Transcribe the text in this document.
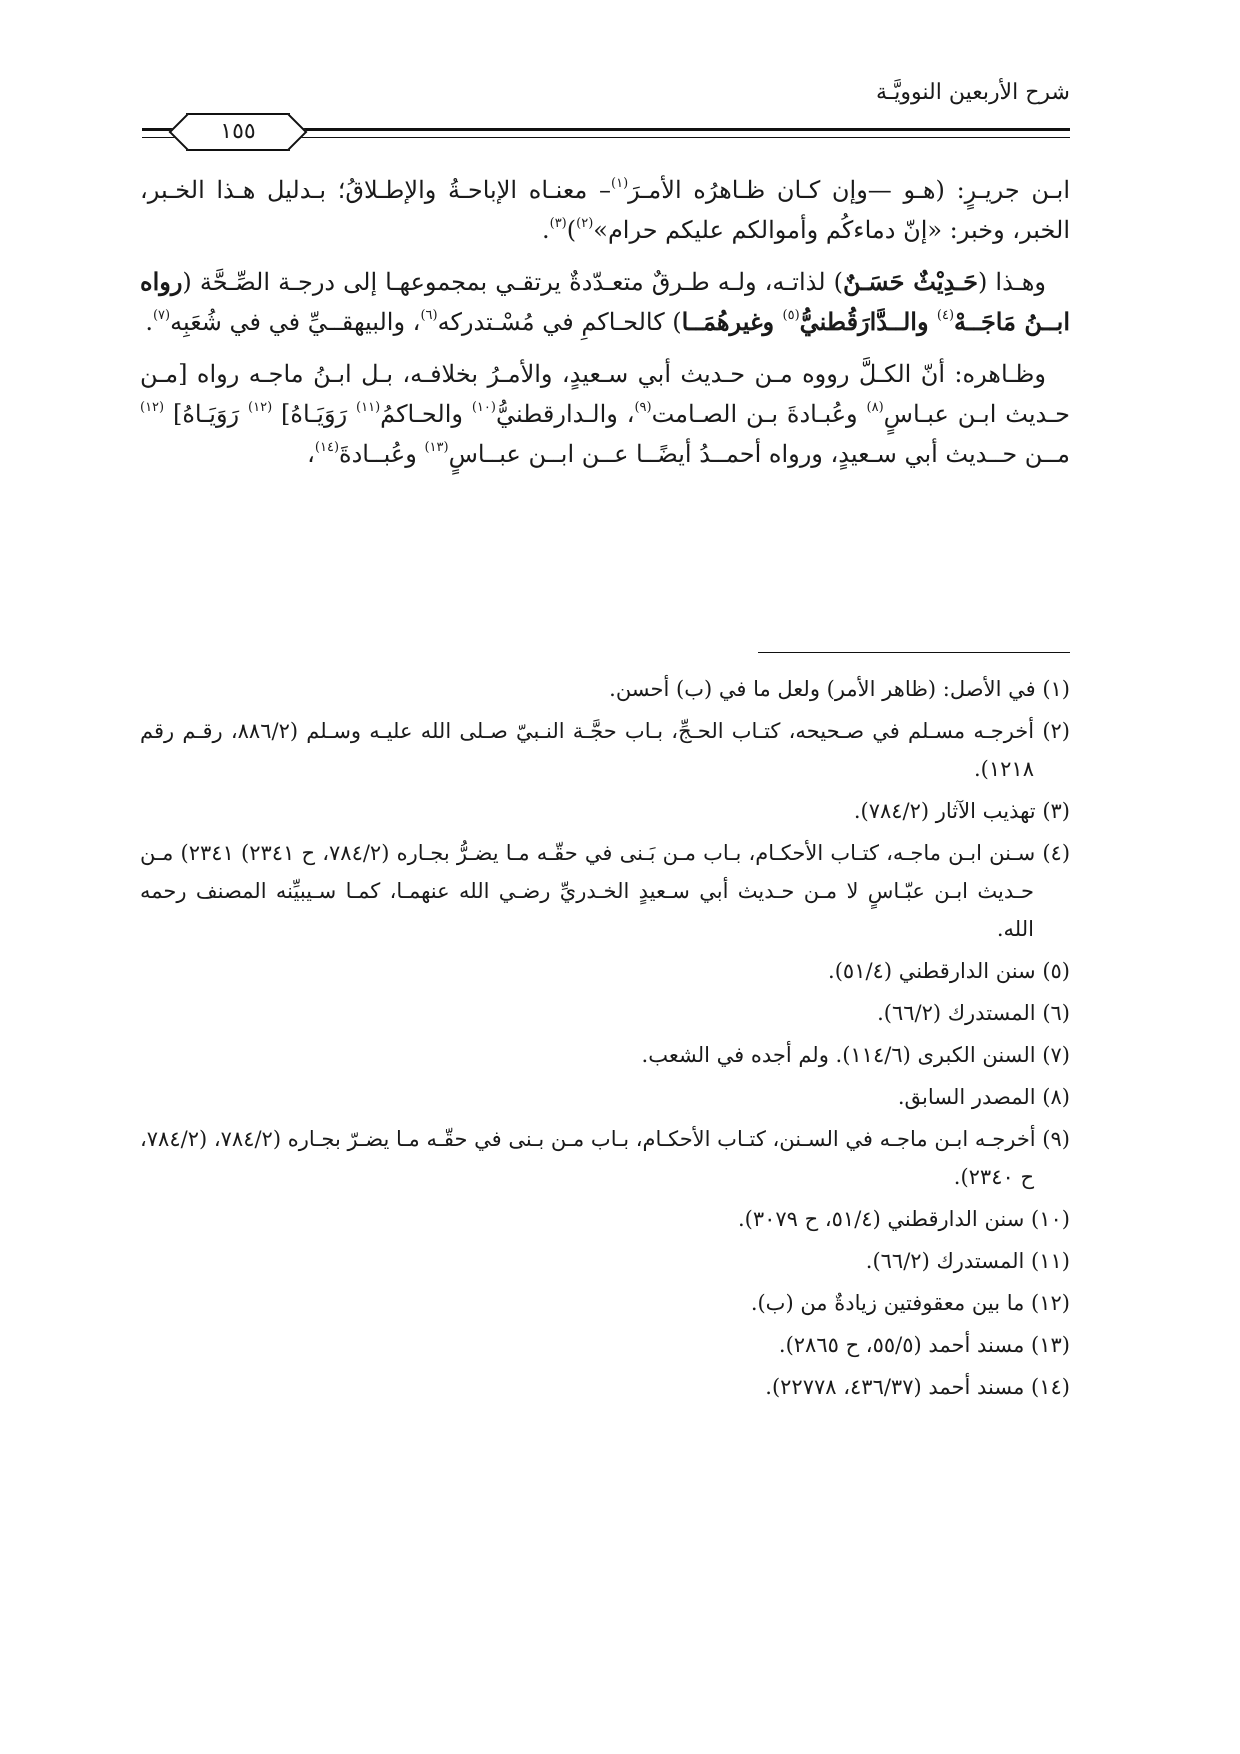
شرح الأربعين النوويَّـة
١٥٥

ابـن جريـرٍ: (هـو —وإن كـان ظـاهرُه الأمـرَ$^{(١)}$– معنـاه الإباحـةُ والإطـلاقُ؛ بـدليل هـذا الخـبر، الخبر، وخبر: «إنّ دماءكُم وأموالكم عليكم حرام»$^{(٢)}$)$^{(٣)}$.

وهـذا (حَـدِيْثٌ حَسَـنٌ) لذاتـه، ولـه طـرقٌ متعـدّدةٌ يرتقـي بمجموعهـا إلى درجـة الصِّـحَّة (رواه ابــنُ مَاجَــهْ$^{(٤)}$ والــدَّارَقُطنيُّ$^{(٥)}$ وغيرهُمَــا) كالحـاكمِ في مُسْـتدركه$^{(٦)}$، والبيهقــيِّ في في شُعَبِه$^{(٧)}$.

وظـاهره: أنّ الكـلَّ رووه مـن حـديث أبي سـعيدٍ، والأمـرُ بخلافـه، بـل ابـنُ ماجـه رواه [مـن حـديث ابـن عبـاسٍ$^{(٨)}$ وعُبـادةَ بـن الصـامت$^{(٩)}$، والـدارقطنيُّ$^{(١٠)}$ والحـاكمُ$^{(١١)}$ رَوَيَـاهُ] $^{(١٢)}$ رَوَيَـاهُ] $^{(١٢)}$ مــن حــديث أبي سـعيدٍ، ورواه أحمــدُ أيضًــا عــن ابــن عبــاسٍ$^{(١٣)}$ وعُبــادةَ$^{(١٤)}$،

(١) في الأصل: (ظاهر الأمر) ولعل ما في (ب) أحسن.

(٢) أخرجـه مسـلم في صـحيحه، كتـاب الحـجِّ، بـاب حجَّـة النـبيّ صـلى الله عليـه وسـلم (٨٨٦/٢، رقـم رقم ١٢١٨).

(٣) تهذيب الآثار (٧٨٤/٢).

(٤) سـنن ابـن ماجـه، كتـاب الأحكـام، بـاب مـن بَـنى في حقّـه مـا يضـرُّ بجـاره (٧٨٤/٢، ح ٢٣٤١) ٢٣٤١) مـن حـديث ابـن عبّـاسٍ لا مـن حـديث أبي سـعيدٍ الخـدريِّ رضـي الله عنهمـا، كمـا سـيبيِّنه المصنف رحمه الله.

(٥) سنن الدارقطني (٥١/٤).

(٦) المستدرك (٦٦/٢).

(٧) السنن الكبرى (١١٤/٦). ولم أجده في الشعب.

(٨) المصدر السابق.

(٩) أخرجـه ابـن ماجـه في السـنن، كتـاب الأحكـام، بـاب مـن بـنى في حقّـه مـا يضـرّ بجـاره (٧٨٤/٢، (٧٨٤/٢، ح ٢٣٤٠).

(١٠) سنن الدارقطني (٥١/٤، ح ٣٠٧٩).

(١١) المستدرك (٦٦/٢).

(١٢) ما بين معقوفتين زيادةٌ من (ب).

(١٣) مسند أحمد (٥٥/٥، ح ٢٨٦٥).

(١٤) مسند أحمد (٤٣٦/٣٧، ٢٢٧٧٨).
